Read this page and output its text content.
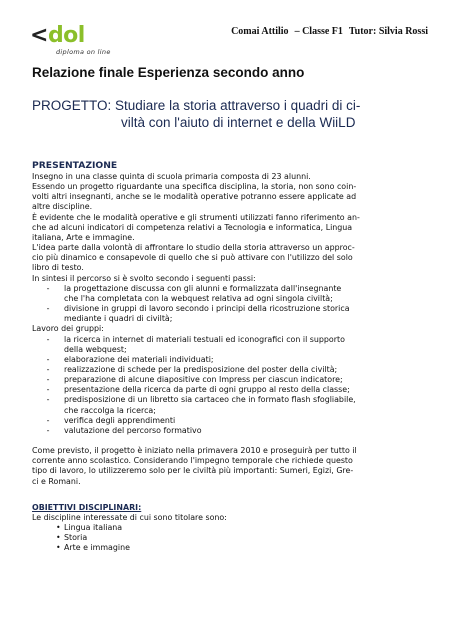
<dol
diploma on line
Comai Attilio – Classe F1 Tutor: Silvia Rossi
Relazione finale Esperienza secondo anno
PROGETTO: Studiare la storia attraverso i quadri di ci-
viltà con l'aiuto di internet e della WiiLD
PRESENTAZIONE
Insegno in una classe quinta di scuola primaria composta di 23 alunni.
Essendo un progetto riguardante una specifica disciplina, la storia, non sono coin-
volti altri insegnanti, anche se le modalità operative potranno essere applicate ad
altre discipline.
È evidente che le modalità operative e gli strumenti utilizzati fanno riferimento an-
che ad alcuni indicatori di competenza relativi a Tecnologia e informatica, Lingua
italiana, Arte e immagine.
L'idea parte dalla volontà di affrontare lo studio della storia attraverso un approc-
cio più dinamico e consapevole di quello che si può attivare con l'utilizzo del solo
libro di testo.
In sintesi il percorso si è svolto secondo i seguenti passi:
-	la progettazione discussa con gli alunni e formalizzata dall'insegnante
che l'ha completata con la webquest relativa ad ogni singola civiltà;
-	divisione in gruppi di lavoro secondo i principi della ricostruzione storica
mediante i quadri di civiltà;
Lavoro dei gruppi:
-	la ricerca in internet di materiali testuali ed iconografici con il supporto
della webquest;
-	elaborazione dei materiali individuati;
-	realizzazione di schede per la predisposizione del poster della civiltà;
-	preparazione di alcune diapositive con Impress per ciascun indicatore;
-	presentazione della ricerca da parte di ogni gruppo al resto della classe;
-	predisposizione di un libretto sia cartaceo che in formato flash sfogliabile,
che raccolga la ricerca;
-	verifica degli apprendimenti
-	valutazione del percorso formativo
Come previsto, il progetto è iniziato nella primavera 2010 e proseguirà per tutto il
corrente anno scolastico. Considerando l'impegno temporale che richiede questo
tipo di lavoro, lo utilizzeremo solo per le civiltà più importanti: Sumeri, Egizi, Gre-
ci e Romani.
OBIETTIVI DISCIPLINARI:
Le discipline interessate di cui sono titolare sono:
• Lingua italiana
• Storia
• Arte e immagine
